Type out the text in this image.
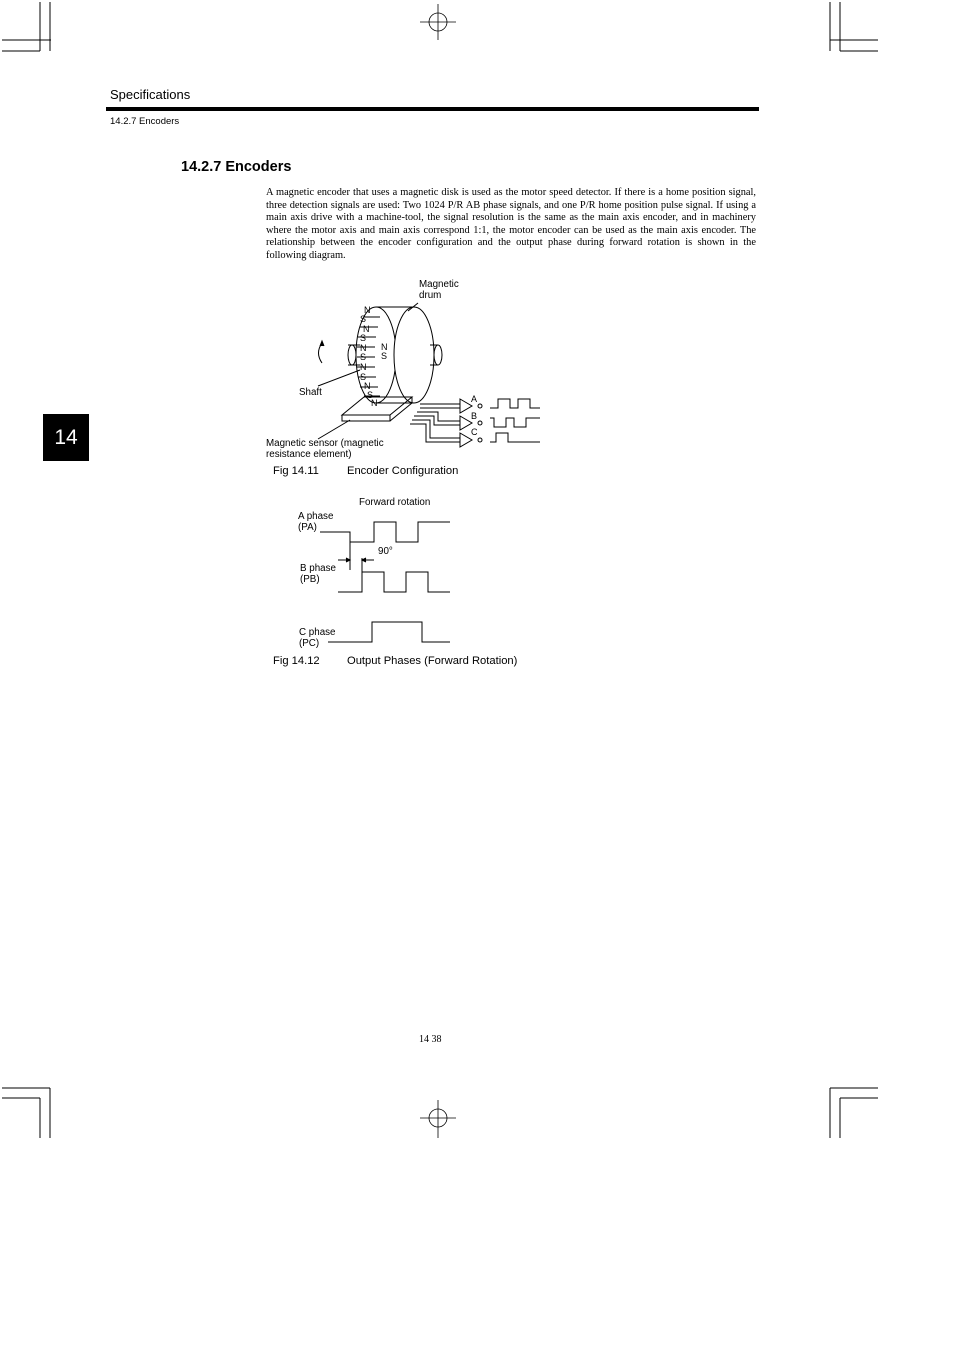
Specifications
14.2.7 Encoders
14
14.2.7 Encoders
A magnetic encoder that uses a magnetic disk is used as the motor speed detector. If there is a home position signal, three detection signals are used: Two 1024 P/R AB phase signals, and one P/R home position pulse signal. If using a main axis drive with a machine-tool, the signal resolution is the same as the main axis encoder, and in machinery where the motor axis and main axis correspond 1:1, the motor encoder can be used as the main axis encoder. The relationship between the encoder configuration and the output phase during forward rotation is shown in the following diagram.
N
S
N
S
N
S
N
S
N
S
N
N
S
A
B
C
Magnetic
drum
Shaft
Magnetic sensor (magnetic
resistance element)
Fig 14.11 Encoder Configuration
Forward rotation
A phase
(PA)
B phase
(PB)
C phase
(PC)
90°
Fig 14.12 Output Phases (Forward Rotation)
14 38
